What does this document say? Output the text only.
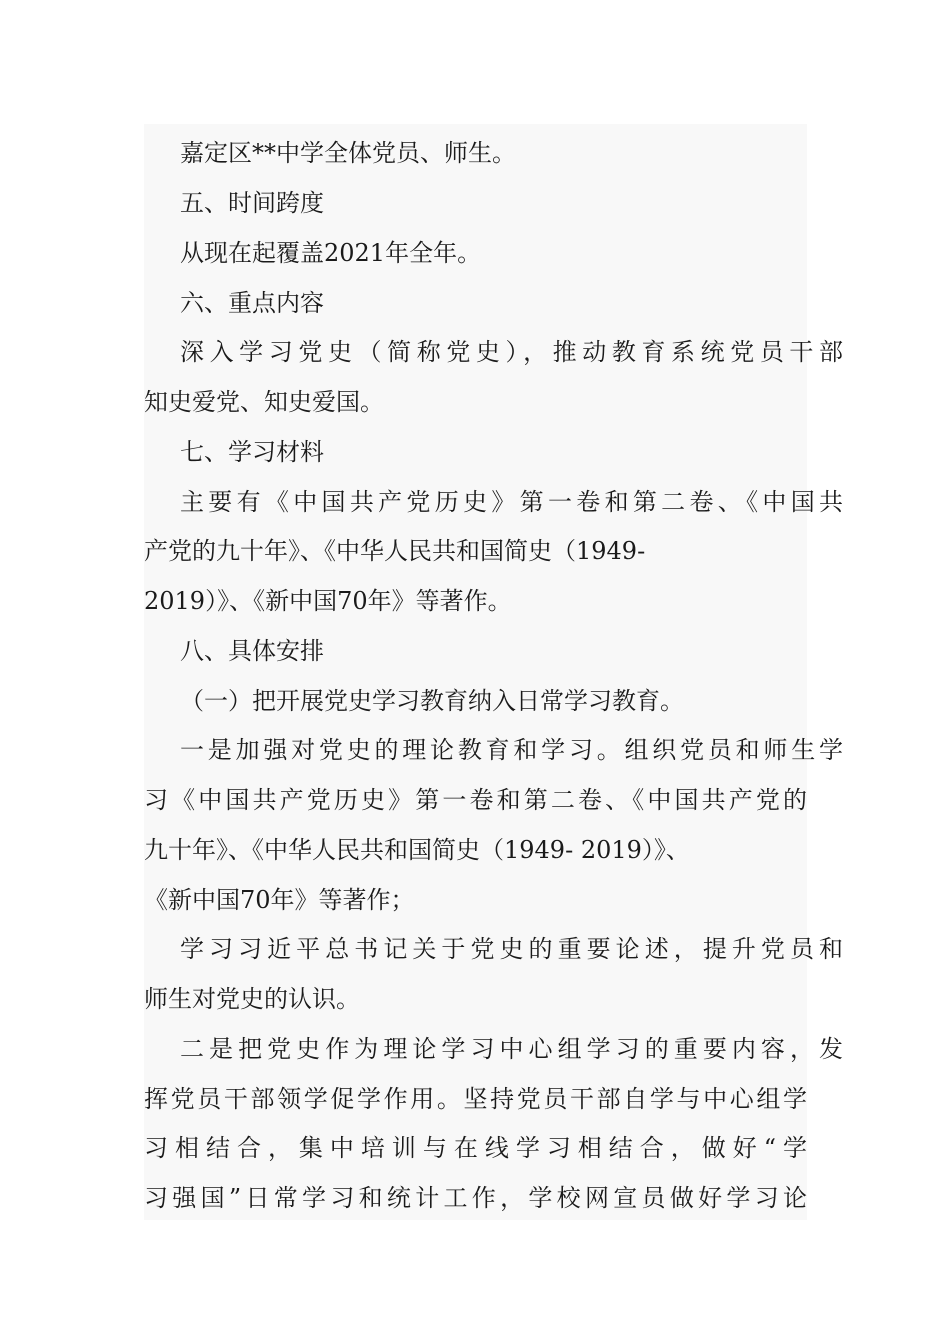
嘉定区**中学全体党员、师生。
五、时间跨度
从现在起覆盖2021年全年。
六、重点内容
深入学习党史（简称党史），推动教育系统党员干部
知史爱党、知史爱国。
七、学习材料
主要有《中国共产党历史》第一卷和第二卷、《中国共
产党的九十年》、《中华人民共和国简史（1949-
2019）》、《新中国70年》等著作。
八、具体安排
（一）把开展党史学习教育纳入日常学习教育。
一是加强对党史的理论教育和学习。组织党员和师生学
习《中国共产党历史》第一卷和第二卷、《中国共产党的
九十年》、《中华人民共和国简史（1949- 2019）》、
《新中国70年》等著作；
学习习近平总书记关于党史的重要论述，提升党员和
师生对党史的认识。
二是把党史作为理论学习中心组学习的重要内容，发
挥党员干部领学促学作用。坚持党员干部自学与中心组学
习相结合，集中培训与在线学习相结合，做好“学
习强国”日常学习和统计工作，学校网宣员做好学习论
